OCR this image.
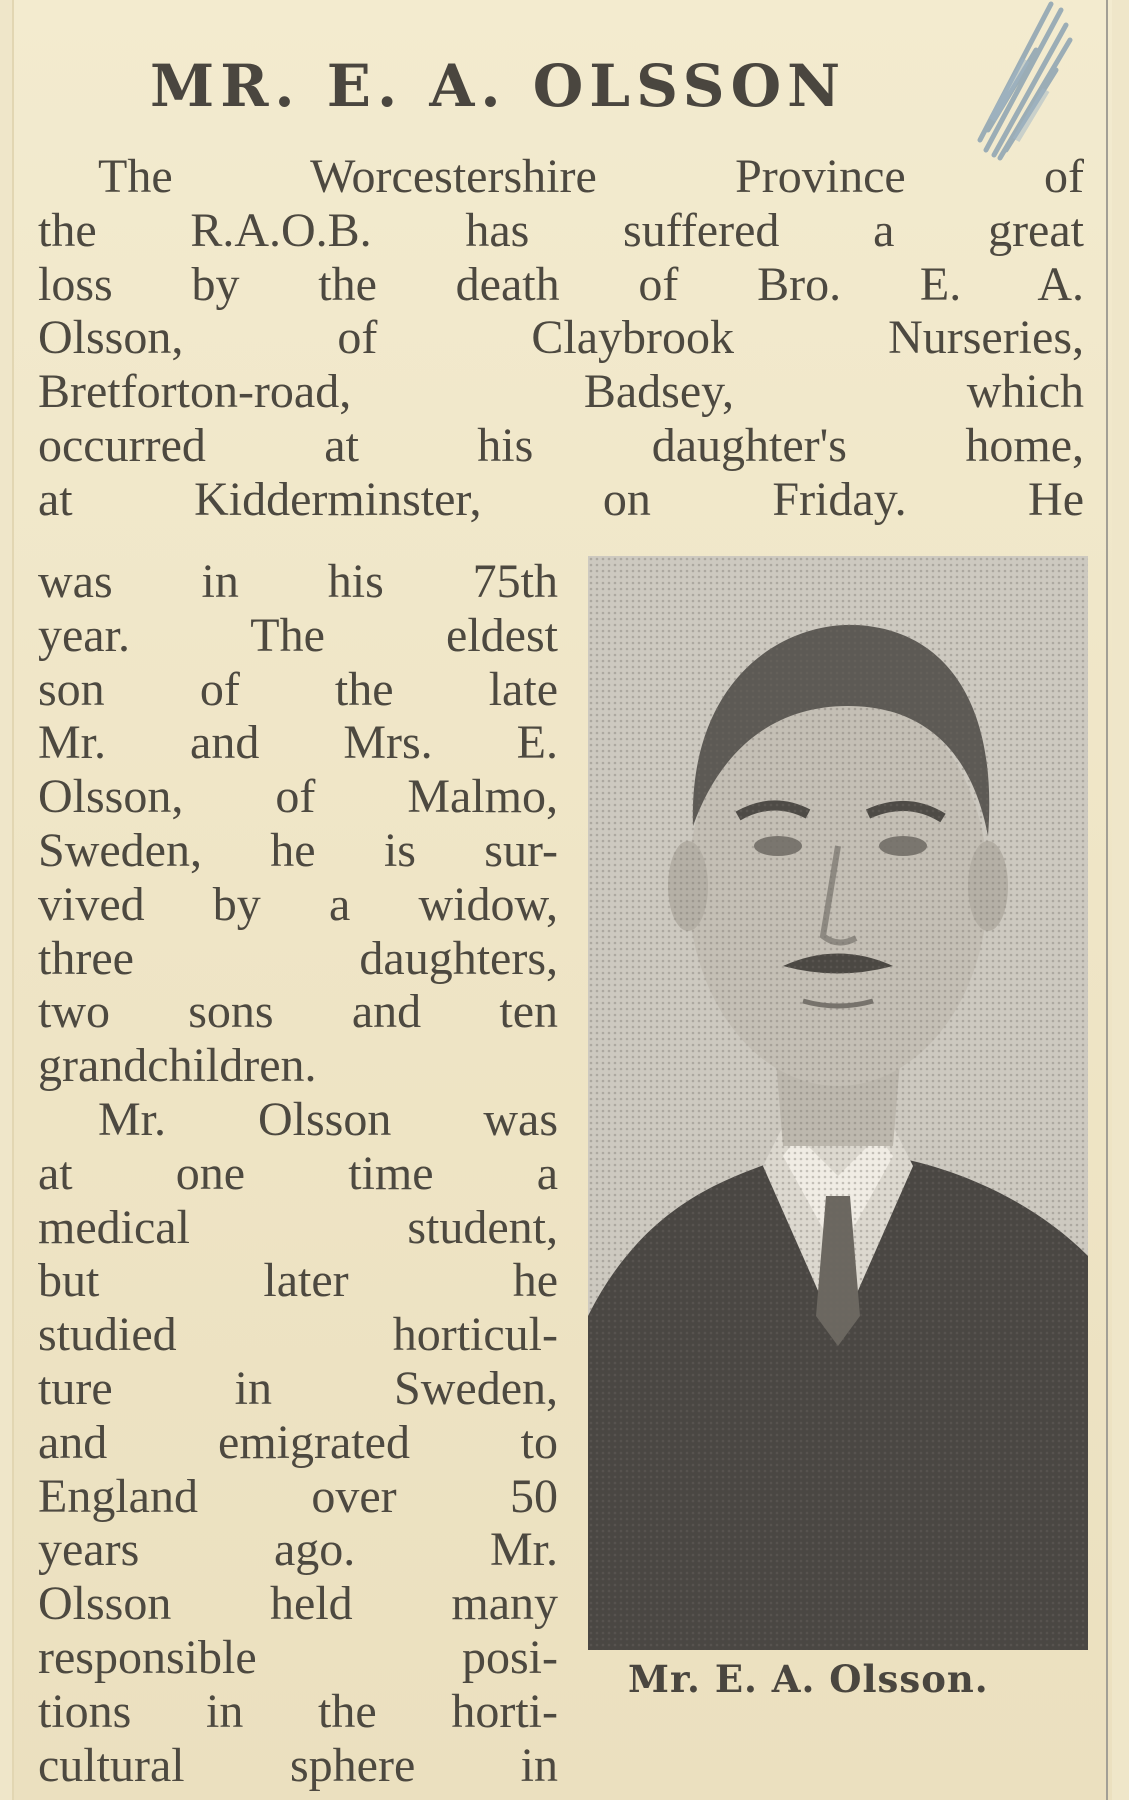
MR. E. A. OLSSON
The Worcestershire Province of
the R.A.O.B. has suffered a great
loss by the death of Bro. E. A.
Olsson, of Claybrook Nurseries,
Bretforton-road, Badsey, which
occurred at his daughter's home,
at Kidderminster, on Friday. He
was in his 75th
year. The eldest
son of the late
Mr. and Mrs. E.
Olsson, of Malmo,
Sweden, he is sur-
vived by a widow,
three daughters,
two sons and ten
grandchildren.
Mr. Olsson was
at one time a
medical student,
but later he
studied horticul-
ture in Sweden,
and emigrated to
England over 50
years ago. Mr.
Olsson held many
responsible posi-
tions in the horti-
cultural sphere in
Mr. E. A. Olsson.
